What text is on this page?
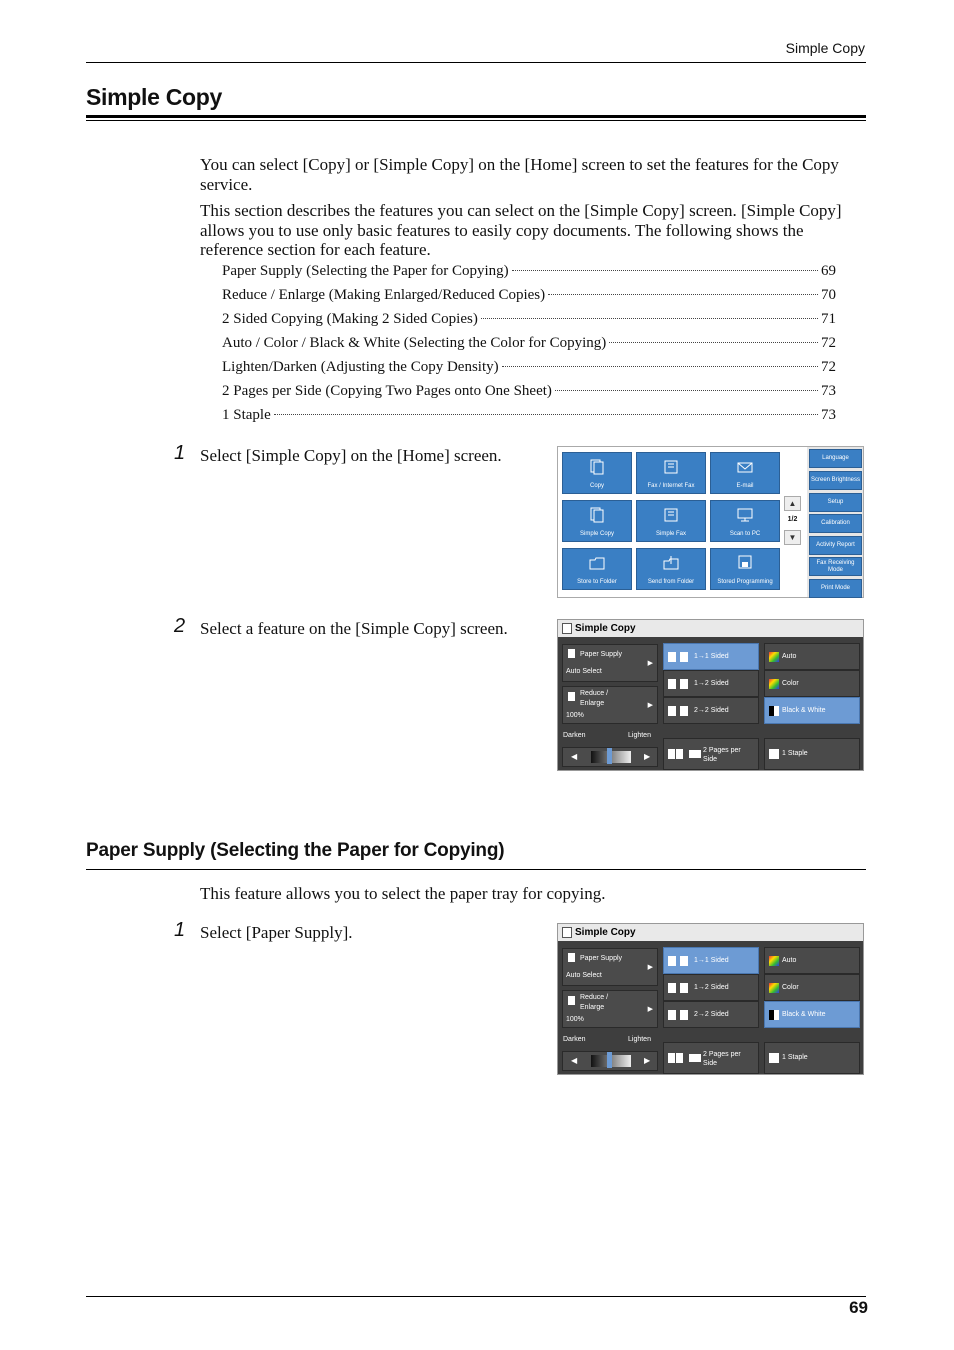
Simple Copy
Simple Copy
You can select [Copy] or [Simple Copy] on the [Home] screen to set the features for the Copy service.
This section describes the features you can select on the [Simple Copy] screen. [Simple Copy] allows you to use only basic features to easily copy documents. The following shows the reference section for each feature.
Paper Supply (Selecting the Paper for Copying)	69
Reduce / Enlarge (Making Enlarged/Reduced Copies)	70
2 Sided Copying (Making 2 Sided Copies)	71
Auto / Color / Black & White (Selecting the Color for Copying)	72
Lighten/Darken (Adjusting the Copy Density)	72
2 Pages per Side (Copying Two Pages onto One Sheet)	73
1 Staple	73
1 Select [Simple Copy] on the [Home] screen.
Copy	Fax / Internet Fax	E-mail
Simple Copy	Simple Fax	Scan to PC
Store to Folder	Send from Folder	Stored Programming
▲
1/2
▼
Language
Screen Brightness
Setup
Calibration
Activity Report
Fax Receiving Mode
Print Mode
2 Select a feature on the [Simple Copy] screen.	Simple Copy
Paper Supply
Auto Select
▶
Reduce /
Enlarge
100%
▶
Darken	Lighten
◀	▶
1→1 Sided
1→2 Sided
2→2 Sided
Auto
Color
Black & White
2 Pages per
Side
1 Staple
Paper Supply (Selecting the Paper for Copying)
This feature allows you to select the paper tray for copying.
1 Select [Paper Supply].	Simple Copy
Paper Supply
Auto Select
▶
Reduce /
Enlarge
100%
▶
Darken	Lighten
◀	▶
1→1 Sided
1→2 Sided
2→2 Sided
Auto
Color
Black & White
2 Pages per
Side
1 Staple
69
